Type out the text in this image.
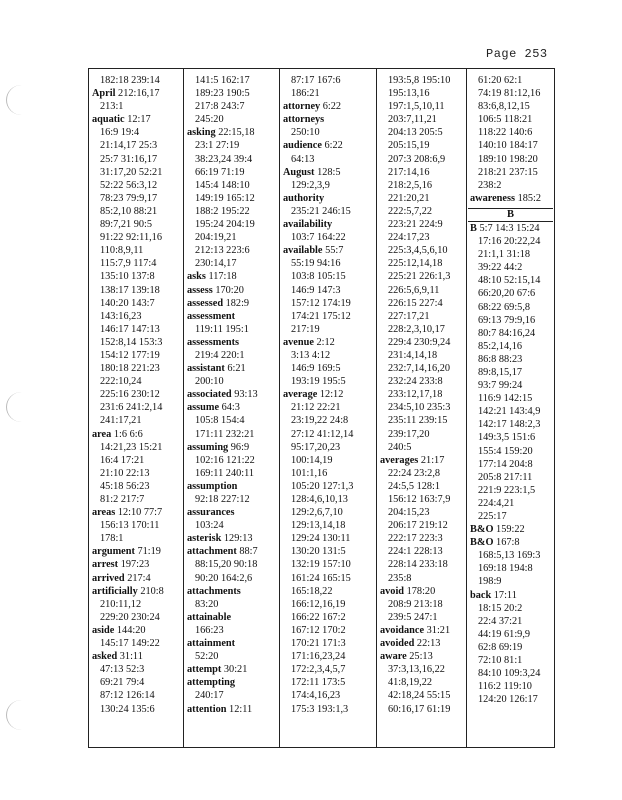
Page 253
182:18 239:14
April 212:16,17
213:1
aquatic 12:17
16:9 19:4
21:14,17 25:3
25:7 31:16,17
31:17,20 52:21
52:22 56:3,12
78:23 79:9,17
85:2,10 88:21
89:7,21 90:5
91:22 92:11,16
110:8,9,11
115:7,9 117:4
135:10 137:8
138:17 139:18
140:20 143:7
143:16,23
146:17 147:13
152:8,14 153:3
154:12 177:19
180:18 221:23
222:10,24
225:16 230:12
231:6 241:2,14
241:17,21
area 1:6 6:6
14:21,23 15:21
16:4 17:21
21:10 22:13
45:18 56:23
81:2 217:7
areas 12:10 77:7
156:13 170:11
178:1
argument 71:19
arrest 197:23
arrived 217:4
artificially 210:8
210:11,12
229:20 230:24
aside 144:20
145:17 149:22
asked 31:11
47:13 52:3
69:21 79:4
87:12 126:14
130:24 135:6
141:5 162:17
189:23 190:5
217:8 243:7
245:20
asking 22:15,18
23:1 27:19
38:23,24 39:4
66:19 71:19
145:4 148:10
149:19 165:12
188:2 195:22
195:24 204:19
204:19,21
212:13 223:6
230:14,17
asks 117:18
assess 170:20
assessed 182:9
assessment
119:11 195:1
assessments
219:4 220:1
assistant 6:21
200:10
associated 93:13
assume 64:3
105:8 154:4
171:11 232:21
assuming 96:9
102:16 121:22
169:11 240:11
assumption
92:18 227:12
assurances
103:24
asterisk 129:13
attachment 88:7
88:15,20 90:18
90:20 164:2,6
attachments
83:20
attainable
166:23
attainment
52:20
attempt 30:21
attempting
240:17
attention 12:11
87:17 167:6
186:21
attorney 6:22
attorneys
250:10
audience 6:22
64:13
August 128:5
129:2,3,9
authority
235:21 246:15
availability
103:7 164:22
available 55:7
55:19 94:16
103:8 105:15
146:9 147:3
157:12 174:19
174:21 175:12
217:19
avenue 2:12
3:13 4:12
146:9 169:5
193:19 195:5
average 12:12
21:12 22:21
23:19,22 24:8
27:12 41:12,14
95:17,20,23
100:14,19
101:1,16
105:20 127:1,3
128:4,6,10,13
129:2,6,7,10
129:13,14,18
129:24 130:11
130:20 131:5
132:19 157:10
161:24 165:15
165:18,22
166:12,16,19
166:22 167:2
167:12 170:2
170:21 171:3
171:16,23,24
172:2,3,4,5,7
172:11 173:5
174:4,16,23
175:3 193:1,3
193:5,8 195:10
195:13,16
197:1,5,10,11
203:7,11,21
204:13 205:5
205:15,19
207:3 208:6,9
217:14,16
218:2,5,16
221:20,21
222:5,7,22
223:21 224:9
224:17,23
225:3,4,5,6,10
225:12,14,18
225:21 226:1,3
226:5,6,9,11
226:15 227:4
227:17,21
228:2,3,10,17
229:4 230:9,24
231:4,14,18
232:7,14,16,20
232:24 233:8
233:12,17,18
234:5,10 235:3
235:11 239:15
239:17,20
240:5
averages 21:17
22:24 23:2,8
24:5,5 128:1
156:12 163:7,9
204:15,23
206:17 219:12
222:17 223:3
224:1 228:13
228:14 233:18
235:8
avoid 178:20
208:9 213:18
239:5 247:1
avoidance 31:21
avoided 22:13
aware 25:13
37:3,13,16,22
41:8,19,22
42:18,24 55:15
60:16,17 61:19
61:20 62:1
74:19 81:12,16
83:6,8,12,15
106:5 118:21
118:22 140:6
140:10 184:17
189:10 198:20
218:21 237:15
238:2
awareness 185:2
B
B 5:7 14:3 15:24
17:16 20:22,24
21:1,1 31:18
39:22 44:2
48:10 52:15,14
66:20,20 67:6
68:22 69:5,8
69:13 79:9,16
80:7 84:16,24
85:2,14,16
86:8 88:23
89:8,15,17
93:7 99:24
116:9 142:15
142:21 143:4,9
142:17 148:2,3
149:3,5 151:6
155:4 159:20
177:14 204:8
205:8 217:11
221:9 223:1,5
224:4,21
225:17
B&O 159:22
B&O 167:8
168:5,13 169:3
169:18 194:8
198:9
back 17:11
18:15 20:2
22:4 37:21
44:19 61:9,9
62:8 69:19
72:10 81:1
84:10 109:3,24
116:2 119:10
124:20 126:17
